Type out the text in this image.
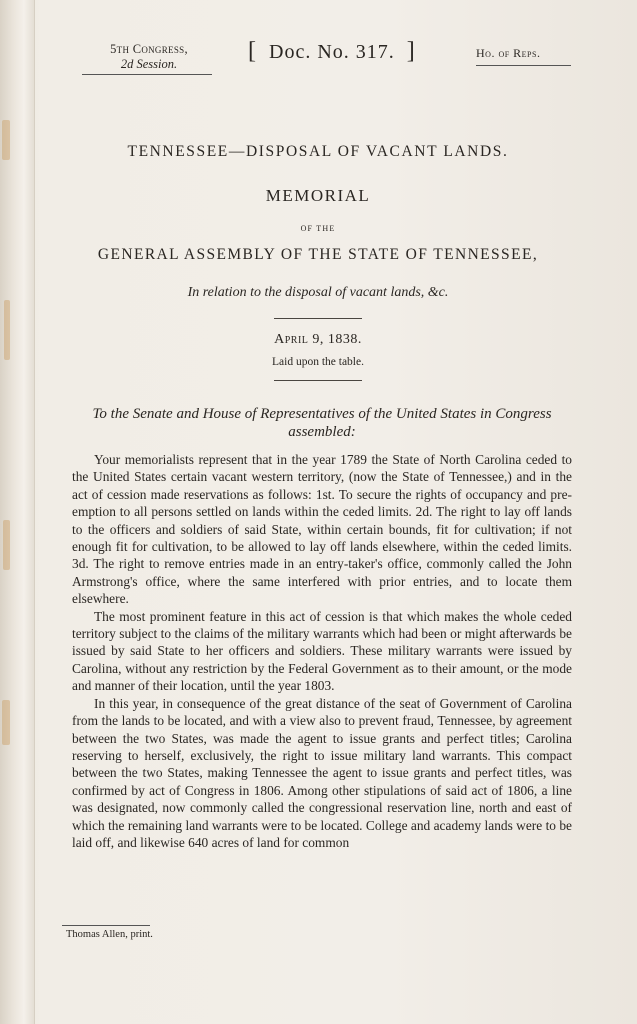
5th Congress,
2d Session.	[ Doc. No. 317. ]	Ho. of Reps.
TENNESSEE—DISPOSAL OF VACANT LANDS.
MEMORIAL
OF THE
GENERAL ASSEMBLY OF THE STATE OF TENNESSEE,
In relation to the disposal of vacant lands, &c.
April 9, 1838.
Laid upon the table.
To the Senate and House of Representatives of the United States in Congress assembled:

Your memorialists represent that in the year 1789 the State of North Carolina ceded to the United States certain vacant western territory, (now the State of Tennessee,) and in the act of cession made reservations as follows: 1st. To secure the rights of occupancy and pre-emption to all persons settled on lands within the ceded limits. 2d. The right to lay off lands to the officers and soldiers of said State, within certain bounds, fit for cultivation; if not enough fit for cultivation, to be allowed to lay off lands elsewhere, within the ceded limits. 3d. The right to remove entries made in an entry-taker's office, commonly called the John Armstrong's office, where the same interfered with prior entries, and to locate them elsewhere.

The most prominent feature in this act of cession is that which makes the whole ceded territory subject to the claims of the military warrants which had been or might afterwards be issued by said State to her officers and soldiers. These military warrants were issued by Carolina, without any restriction by the Federal Government as to their amount, or the mode and manner of their location, until the year 1803.

In this year, in consequence of the great distance of the seat of Government of Carolina from the lands to be located, and with a view also to prevent fraud, Tennessee, by agreement between the two States, was made the agent to issue grants and perfect titles; Carolina reserving to herself, exclusively, the right to issue military land warrants. This compact between the two States, making Tennessee the agent to issue grants and perfect titles, was confirmed by act of Congress in 1806. Among other stipulations of said act of 1806, a line was designated, now commonly called the congressional reservation line, north and east of which the remaining land warrants were to be located. College and academy lands were to be laid off, and likewise 640 acres of land for common

Thomas Allen, print.
